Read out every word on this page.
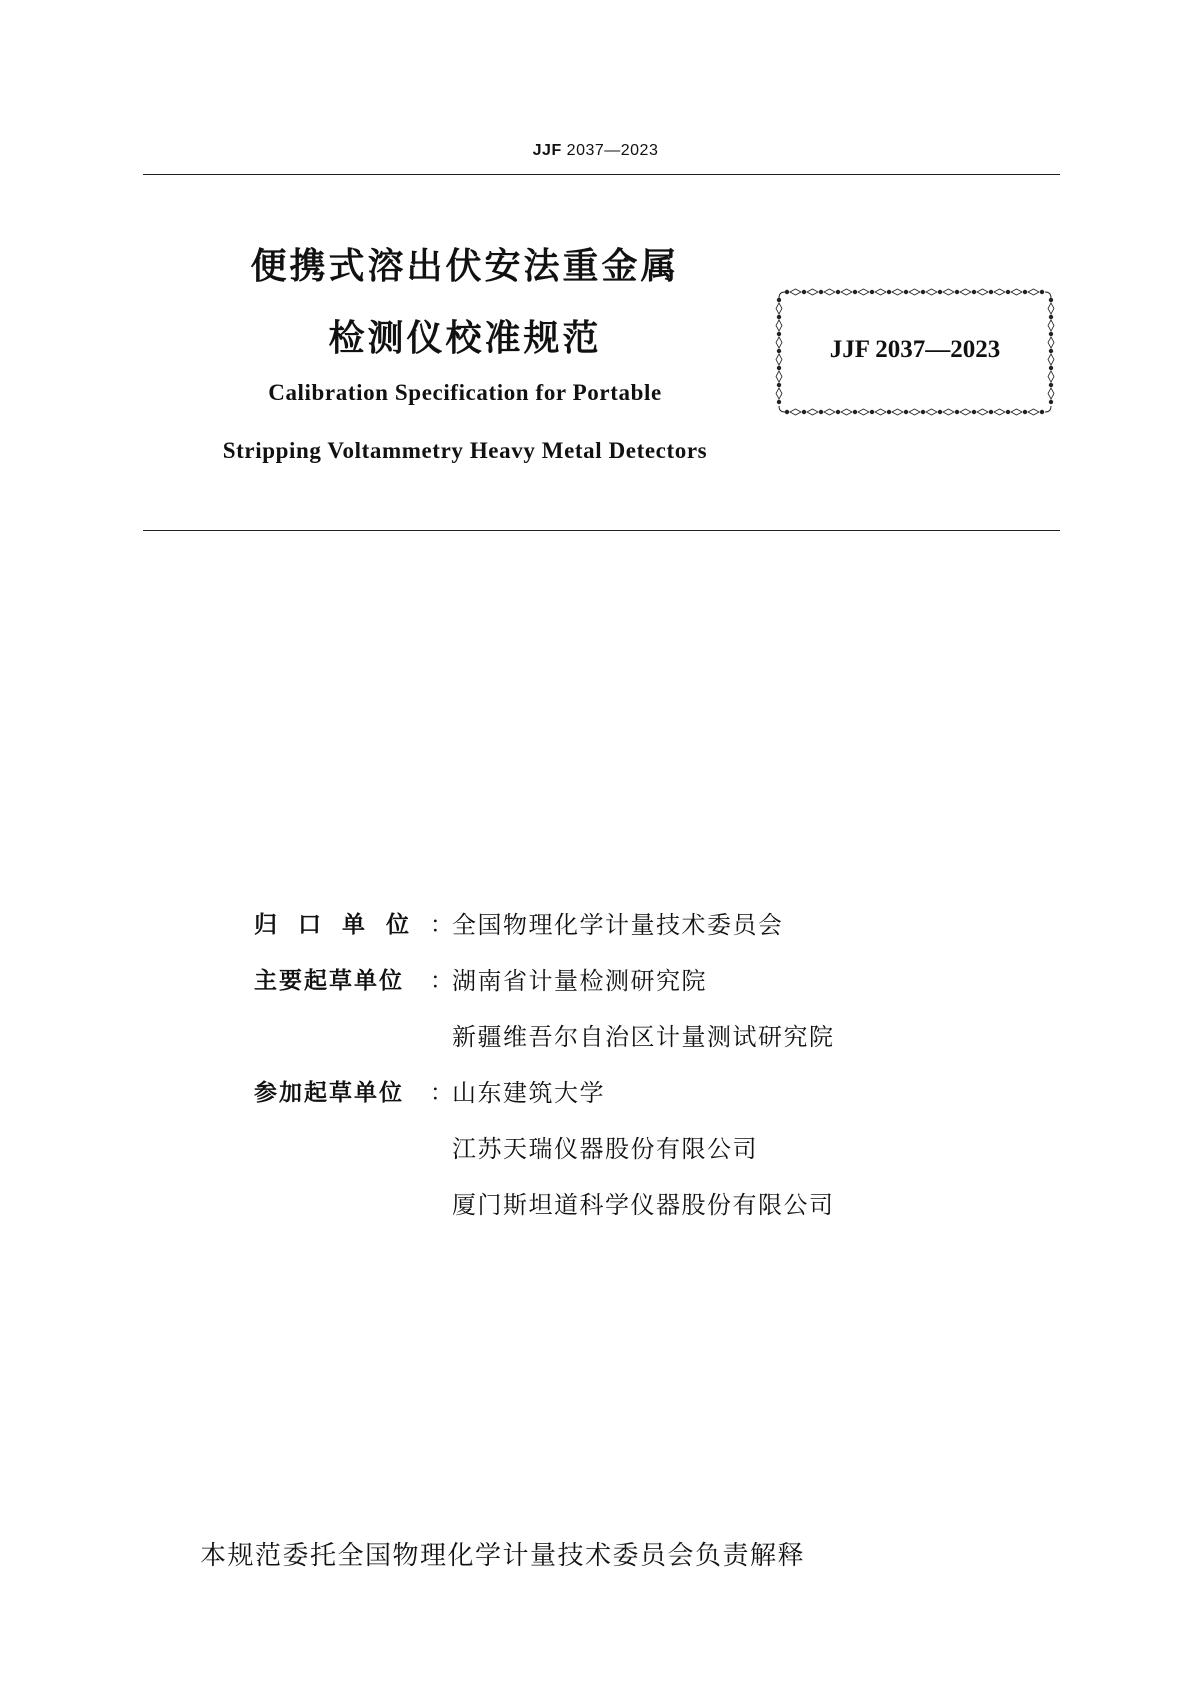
JJF 2037—2023
便携式溶出伏安法重金属
检测仪校准规范
Calibration Specification for Portable
Stripping Voltammetry Heavy Metal Detectors
JJF 2037—2023
归口单位 ： 全国物理化学计量技术委员会
主要起草单位 ： 湖南省计量检测研究院
新疆维吾尔自治区计量测试研究院
参加起草单位 ： 山东建筑大学
江苏天瑞仪器股份有限公司
厦门斯坦道科学仪器股份有限公司
本规范委托全国物理化学计量技术委员会负责解释
